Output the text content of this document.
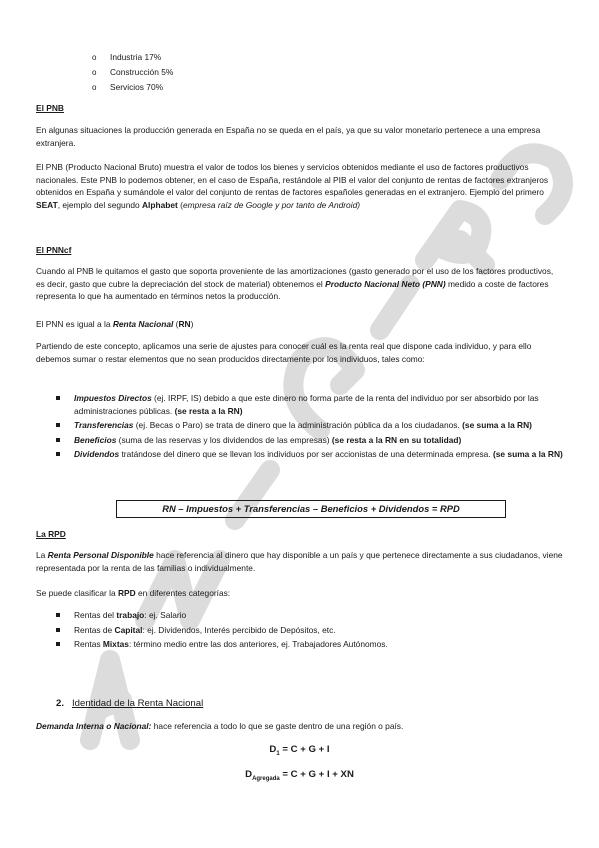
o Industria 17%
o Construcción 5%
o Servicios 70%
El PNB

En algunas situaciones la producción generada en España no se queda en el país, ya que su valor monetario pertenece a una empresa extranjera.

El PNB (Producto Nacional Bruto) muestra el valor de todos los bienes y servicios obtenidos mediante el uso de factores productivos nacionales. Este PNB lo podemos obtener, en el caso de España, restándole al PIB el valor del conjunto de rentas de factores extranjeros obtenidos en España y sumándole el valor del conjunto de rentas de factores españoles generadas en el extranjero. Ejemplo del primero SEAT, ejemplo del segundo Alphabet (empresa raíz de Google y por tanto de Android)

El PNNcf

Cuando al PNB le quitamos el gasto que soporta proveniente de las amortizaciones (gasto generado por el uso de los factores productivos, es decir, gasto que cubre la depreciación del stock de material) obtenemos el Producto Nacional Neto (PNN) medido a coste de factores representa lo que ha aumentado en términos netos la producción.

El PNN es igual a la Renta Nacional (RN)

Partiendo de este concepto, aplicamos una serie de ajustes para conocer cuál es la renta real que dispone cada individuo, y para ello debemos sumar o restar elementos que no sean producidos directamente por los individuos, tales como:

Impuestos Directos (ej. IRPF, IS) debido a que este dinero no forma parte de la renta del individuo por ser absorbido por las administraciones públicas. (se resta a la RN)
Transferencias (ej. Becas o Paro) se trata de dinero que la administración pública da a los ciudadanos. (se suma a la RN)
Beneficios (suma de las reservas y los dividendos de las empresas) (se resta a la RN en su totalidad)
Dividendos tratándose del dinero que se llevan los individuos por ser accionistas de una determinada empresa. (se suma a la RN)
RN – Impuestos + Transferencias – Beneficios + Dividendos = RPD
La RPD

La Renta Personal Disponible hace referencia al dinero que hay disponible a un país y que pertenece directamente a sus ciudadanos, viene representada por la renta de las familias o individualmente.

Se puede clasificar la RPD en diferentes categorías:

Rentas del trabajo: ej. Salario
Rentas de Capital: ej. Dividendos, Interés percibido de Depósitos, etc.
Rentas Mixtas: término medio entre las dos anteriores, ej. Trabajadores Autónomos.
2. Identidad de la Renta Nacional

Demanda Interna o Nacional: hace referencia a todo lo que se gaste dentro de una región o país.

$D_1 = C + G + I$
$D_{Agregada} = C + G + I$ + XN
